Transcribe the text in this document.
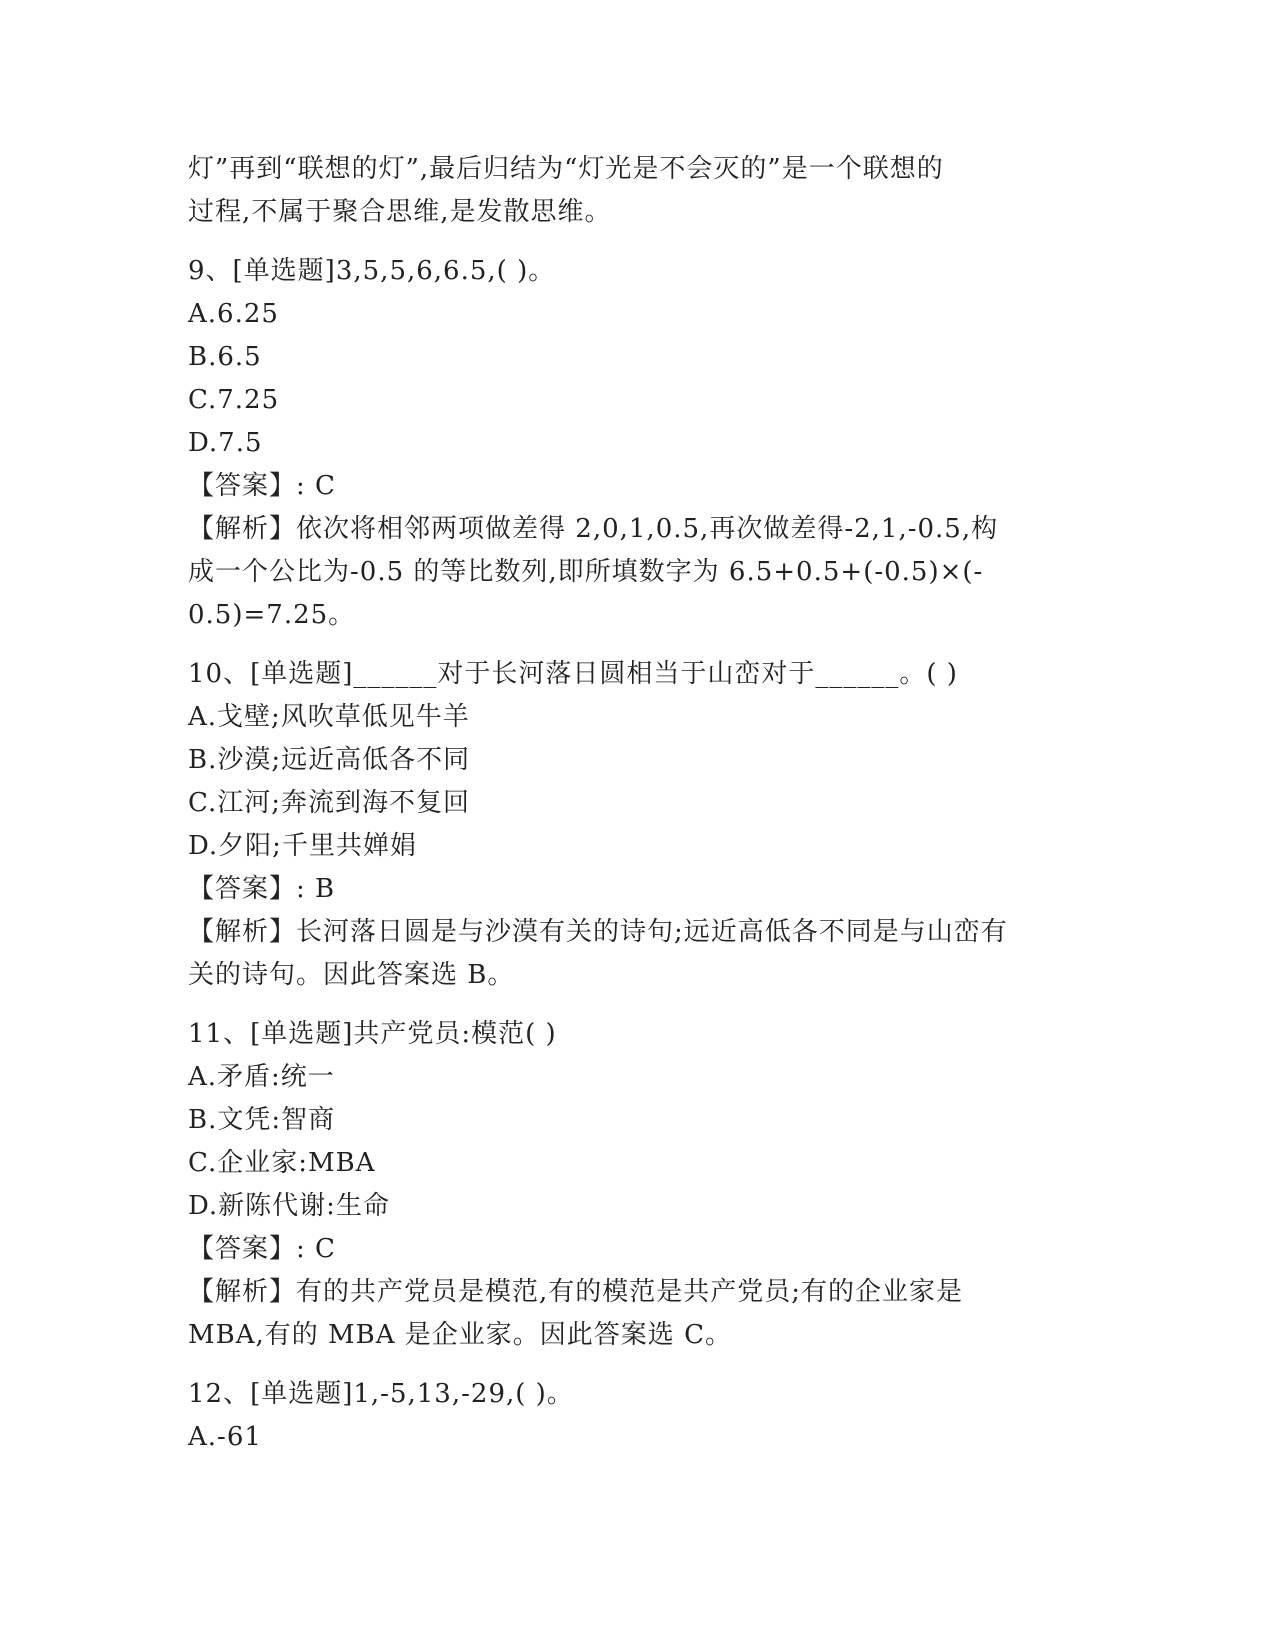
灯”再到“联想的灯”,最后归结为“灯光是不会灭的”是一个联想的
过程,不属于聚合思维,是发散思维。
9、[单选题]3,5,5,6,6.5,( )。
A.6.25
B.6.5
C.7.25
D.7.5
【答案】: C
【解析】依次将相邻两项做差得 2,0,1,0.5,再次做差得-2,1,-0.5,构
成一个公比为-0.5 的等比数列,即所填数字为 6.5+0.5+(-0.5)×(-
0.5)=7.25。
10、[单选题]______对于长河落日圆相当于山峦对于______。( )
A.戈壁;风吹草低见牛羊
B.沙漠;远近高低各不同
C.江河;奔流到海不复回
D.夕阳;千里共婵娟
【答案】: B
【解析】长河落日圆是与沙漠有关的诗句;远近高低各不同是与山峦有
关的诗句。因此答案选 B。
11、[单选题]共产党员:模范( )
A.矛盾:统一
B.文凭:智商
C.企业家:MBA
D.新陈代谢:生命
【答案】: C
【解析】有的共产党员是模范,有的模范是共产党员;有的企业家是
MBA,有的 MBA 是企业家。因此答案选 C。
12、[单选题]1,-5,13,-29,( )。
A.-61
